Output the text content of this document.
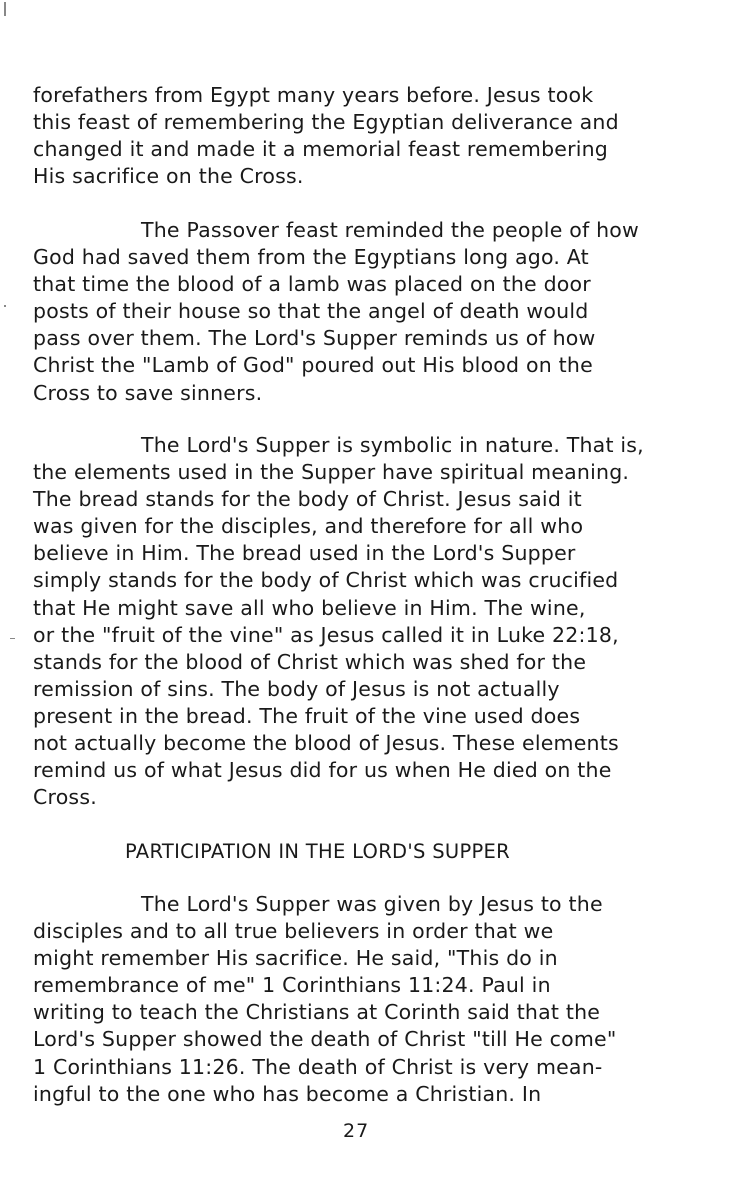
forefathers from Egypt many years before. Jesus took
this feast of remembering the Egyptian deliverance and
changed it and made it a memorial feast remembering
His sacrifice on the Cross.
The Passover feast reminded the people of how
God had saved them from the Egyptians long ago. At
that time the blood of a lamb was placed on the door
posts of their house so that the angel of death would
pass over them. The Lord's Supper reminds us of how
Christ the "Lamb of God" poured out His blood on the
Cross to save sinners.
The Lord's Supper is symbolic in nature. That is,
the elements used in the Supper have spiritual meaning.
The bread stands for the body of Christ. Jesus said it
was given for the disciples, and therefore for all who
believe in Him. The bread used in the Lord's Supper
simply stands for the body of Christ which was crucified
that He might save all who believe in Him. The wine,
or the "fruit of the vine" as Jesus called it in Luke 22:18,
stands for the blood of Christ which was shed for the
remission of sins. The body of Jesus is not actually
present in the bread. The fruit of the vine used does
not actually become the blood of Jesus. These elements
remind us of what Jesus did for us when He died on the
Cross.
PARTICIPATION IN THE LORD'S SUPPER
The Lord's Supper was given by Jesus to the
disciples and to all true believers in order that we
might remember His sacrifice. He said, "This do in
remembrance of me" 1 Corinthians 11:24. Paul in
writing to teach the Christians at Corinth said that the
Lord's Supper showed the death of Christ "till He come"
1 Corinthians 11:26. The death of Christ is very mean-
ingful to the one who has become a Christian. In
27
